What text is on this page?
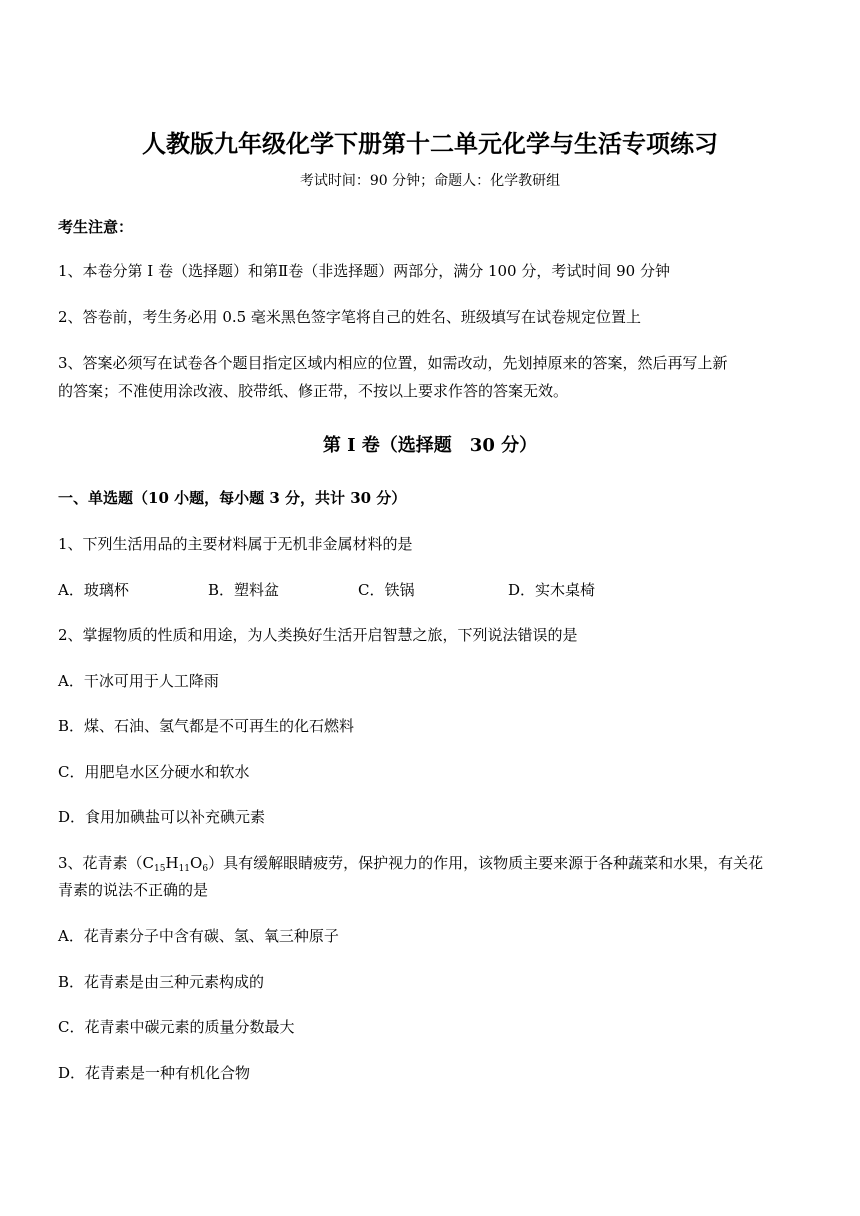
人教版九年级化学下册第十二单元化学与生活专项练习
考试时间：90 分钟；命题人：化学教研组
考生注意：
1、本卷分第 I 卷（选择题）和第Ⅱ卷（非选择题）两部分，满分 100 分，考试时间 90 分钟
2、答卷前，考生务必用 0.5 毫米黑色签字笔将自己的姓名、班级填写在试卷规定位置上
3、答案必须写在试卷各个题目指定区域内相应的位置，如需改动，先划掉原来的答案，然后再写上新
的答案；不准使用涂改液、胶带纸、修正带，不按以上要求作答的答案无效。
第 I 卷（选择题　30 分）
一、单选题（10 小题，每小题 3 分，共计 30 分）
1、下列生活用品的主要材料属于无机非金属材料的是
A．玻璃杯	B．塑料盆	C．铁锅	D．实木桌椅
2、掌握物质的性质和用途，为人类换好生活开启智慧之旅，下列说法错误的是
A．干冰可用于人工降雨
B．煤、石油、氢气都是不可再生的化石燃料
C．用肥皂水区分硬水和软水
D．食用加碘盐可以补充碘元素
3、花青素$(C_{15}H_{11}O_6)$具有缓解眼睛疲劳，保护视力的作用，该物质主要来源于各种蔬菜和水果，有关花
青素的说法不正确的是
A．花青素分子中含有碳、氢、氧三种原子
B．花青素是由三种元素构成的
C．花青素中碳元素的质量分数最大
D．花青素是一种有机化合物
